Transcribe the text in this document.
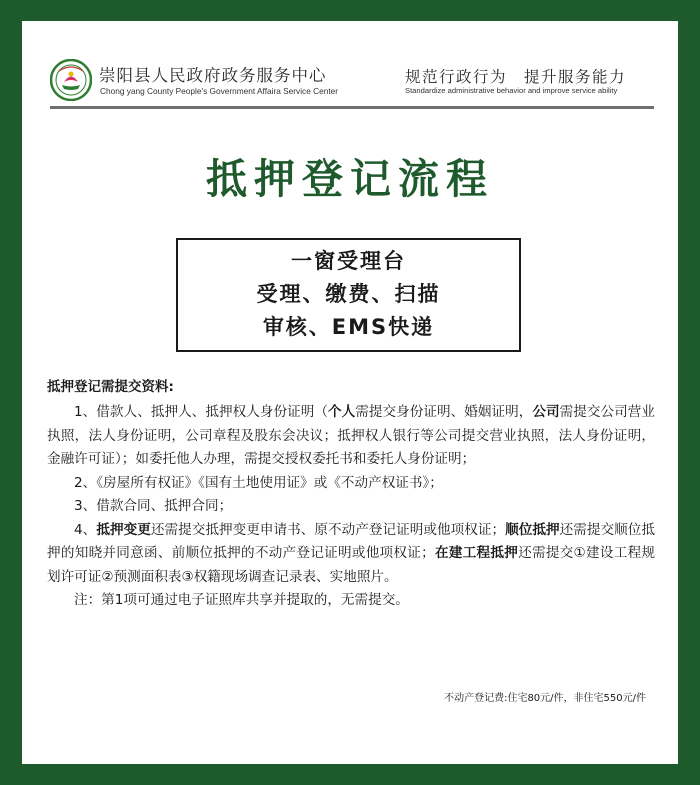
崇阳县人民政府政务服务中心
Chong yang County People's Government Affaira Service Center
规范行政行为　提升服务能力
Standardize administrative behavior and improve service ability
抵押登记流程
一窗受理台
受理、缴费、扫描
审核、EMS快递
抵押登记需提交资料:

1、借款人、抵押人、抵押权人身份证明（个人需提交身份证明、婚姻证明，公司需提交公司营业执照，法人身份证明，公司章程及股东会决议；抵押权人银行等公司提交营业执照，法人身份证明，金融许可证）；如委托他人办理，需提交授权委托书和委托人身份证明；

2、《房屋所有权证》《国有土地使用证》或《不动产权证书》；

3、借款合同、抵押合同；

4、抵押变更还需提交抵押变更申请书、原不动产登记证明或他项权证；顺位抵押还需提交顺位抵押的知晓并同意函、前顺位抵押的不动产登记证明或他项权证；在建工程抵押还需提交①建设工程规划许可证②预测面积表③权籍现场调查记录表、实地照片。

注：第1项可通过电子证照库共享并提取的，无需提交。

不动产登记费:住宅80元/件，非住宅550元/件
